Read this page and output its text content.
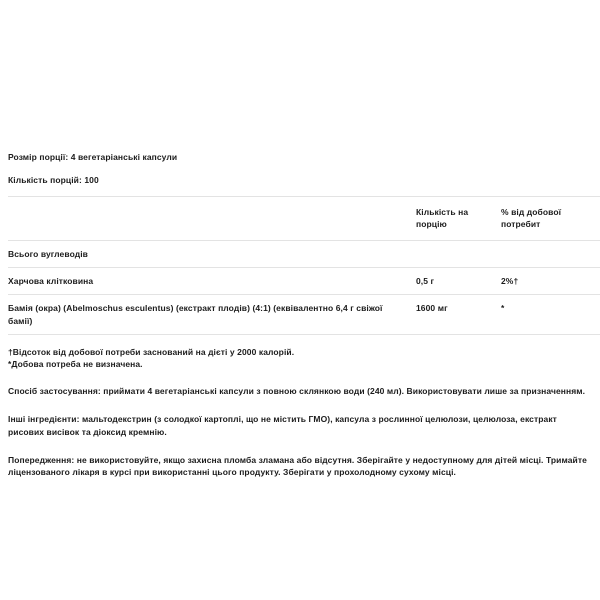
Розмір порції: 4 вегетаріанські капсули

Кількість порцій: 100

	Кількість на порцію	% від добової потребит
Всього вуглеводів		
Харчова клітковина	0,5 г	2%†
Бамія (окра) (Abelmoschus esculentus) (екстракт плодів) (4:1) (еквівалентно 6,4 г свіжої бамії)	1600 мг	*

†Відсоток від добової потреби заснований на дієті у 2000 калорій.

*Добова потреба не визначена.

Спосіб застосування: приймати 4 вегетаріанські капсули з повною склянкою води (240 мл). Використовувати лише за призначенням.

Інші інгредієнти: мальтодекстрин (з солодкої картоплі, що не містить ГМО), капсула з рослинної целюлози, целюлоза, екстракт рисових висівок та діоксид кремнію.

Попередження: не використовуйте, якщо захисна пломба зламана або відсутня. Зберігайте у недоступному для дітей місці. Тримайте ліцензованого лікаря в курсі при використанні цього продукту. Зберігати у прохолодному сухому місці.
